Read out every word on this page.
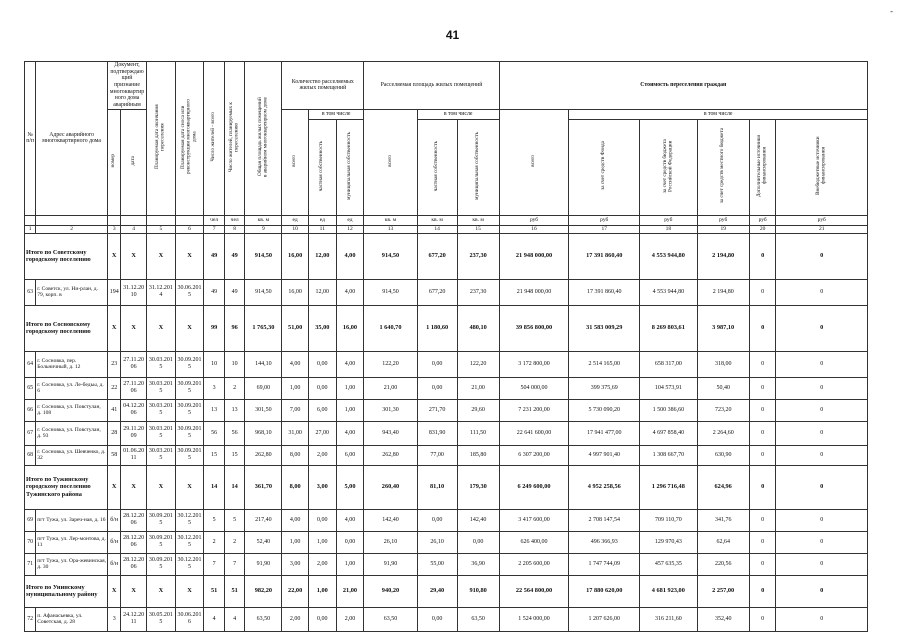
41
-
№ п/п	Адрес аварийного многоквартирного дома	Документ, подтверждающий признание многоквартирного дома аварийным		Планируемая дата окончания переселения	Планируемая дата сноса или реконструкции многоквартирного дома	Число жителей - всего	Число жителей, планируемых к переселению	Общая площадь жилых помещений в аварийном многоквартирном доме	Количество расселяемых жилых помещений			Расселяемая площадь жилых помещений			Стоимость переселения граждан					
		номер	дата						всего	в том числе		всего	в том числе		всего	в том числе				
										частная собственность	муниципальная собственность		частная собственность	муниципальная собственность		за счет средств Фонда	за счет средств бюджета Российской Федерации	за счет средств местного бюджета	Дополнительные источники финансирования	Внебюджетные источники финансирования
						чел	чел	кв. м	ед	ед	ед	кв. м	кв. м	кв. м	руб	руб	руб	руб	руб	руб
1	2	3	4	5	6	7	8	9	10	11	12	13	14	15	16	17	18	19	20	21
Итого по Советскому городскому поселению		X	X	X	X	49	49	914,50	16,00	12,00	4,00	914,50	677,20	237,30	21 948 000,00	17 391 860,40	4 553 944,80	2 194,80	0	0
63	г. Советск, ул. Ни-рлан, д. 79, корп. в	194	31.12.2010	31.12.2014	30.06.2015	49	49	914,50	16,00	12,00	4,00	914,50	677,20	237,30	21 948 000,00	17 391 860,40	4 553 944,80	2 194,80	0	0
Итого по Сосновскому городскому поселению		X	X	X	X	99	96	1 765,30	51,00	35,00	16,00	1 640,70	1 180,60	480,10	39 856 800,00	31 583 009,29	8 269 803,61	3 987,10	0	0
64	г. Сосновка, пер. Больничный, д. 12	23	27.11.2006	30.03.2015	30.09.2015	10	10	144,10	4,00	0,00	4,00	122,20	0,00	122,20	3 172 800,00	2 514 165,00	658 317,00	318,00	0	0
65	г. Сосновка, ул. Ле-бедьы, д. 6	22	27.11.2006	30.03.2015	30.09.2015	3	2	69,00	1,00	0,00	1,00	21,00	0,00	21,00	504 000,00	399 375,69	104 573,91	50,40	0	0
66	г. Сосновка, ул. Повстулан, д. 108	41	04.12.2006	30.03.2015	30.09.2015	13	13	301,50	7,00	6,00	1,00	301,30	271,70	29,60	7 231 200,00	5 730 090,20	1 500 386,60	723,20	0	0
67	г. Сосновка, ул. Повстулан, д. 93	28	29.11.2009	30.03.2015	30.09.2015	56	56	968,10	31,00	27,00	4,00	943,40	831,90	111,50	22 641 600,00	17 941 477,00	4 697 858,40	2 264,60	0	0
68	г. Сосновка, ул. Шевченко, д. 32	58	01.06.2011	30.03.2015	30.09.2015	15	15	262,80	8,00	2,00	6,00	262,80	77,00	185,80	6 307 200,00	4 997 901,40	1 308 667,70	630,90	0	0
Итого по Тужинскому городскому поселению Тужинского района		X	X	X	X	14	14	361,70	8,00	3,00	5,00	260,40	81,10	179,30	6 249 600,00	4 952 258,56	1 296 716,48	624,96	0	0
69	пгт Тужа, ул. Зареч-ная, д. 16	б/н	28.12.2006	30.09.2015	30.12.2015	5	5	217,40	4,00	0,00	4,00	142,40	0,00	142,40	3 417 600,00	2 708 147,54	709 110,70	341,76	0	0
70	пгт Тужа, ул. Лер-монтова, д. 11	б/н	28.12.2006	30.09.2015	30.12.2015	2	2	52,40	1,00	1,00	0,00	26,10	26,10	0,00	626 400,00	496 366,93	129 970,43	62,64	0	0
71	пгт Тужа, ул. Ора-жевинская, д. 30	б/н	28.12.2006	30.09.2015	30.12.2015	7	7	91,90	3,00	2,00	1,00	91,90	55,00	36,90	2 205 600,00	1 747 744,09	457 635,35	220,56	0	0
Итого по Унинскому муниципальному району		X	X	X	X	51	51	982,20	22,00	1,00	21,00	940,20	29,40	910,80	22 564 800,00	17 880 620,00	4 681 923,00	2 257,00	0	0
72	п. Афанасьевка, ул. Советская, д. 28	3	24.12.2011	30.05.2015	30.06.2016	4	4	63,50	2,00	0,00	2,00	63,50	0,00	63,50	1 524 000,00	1 207 626,00	316 211,60	352,40	0	0
